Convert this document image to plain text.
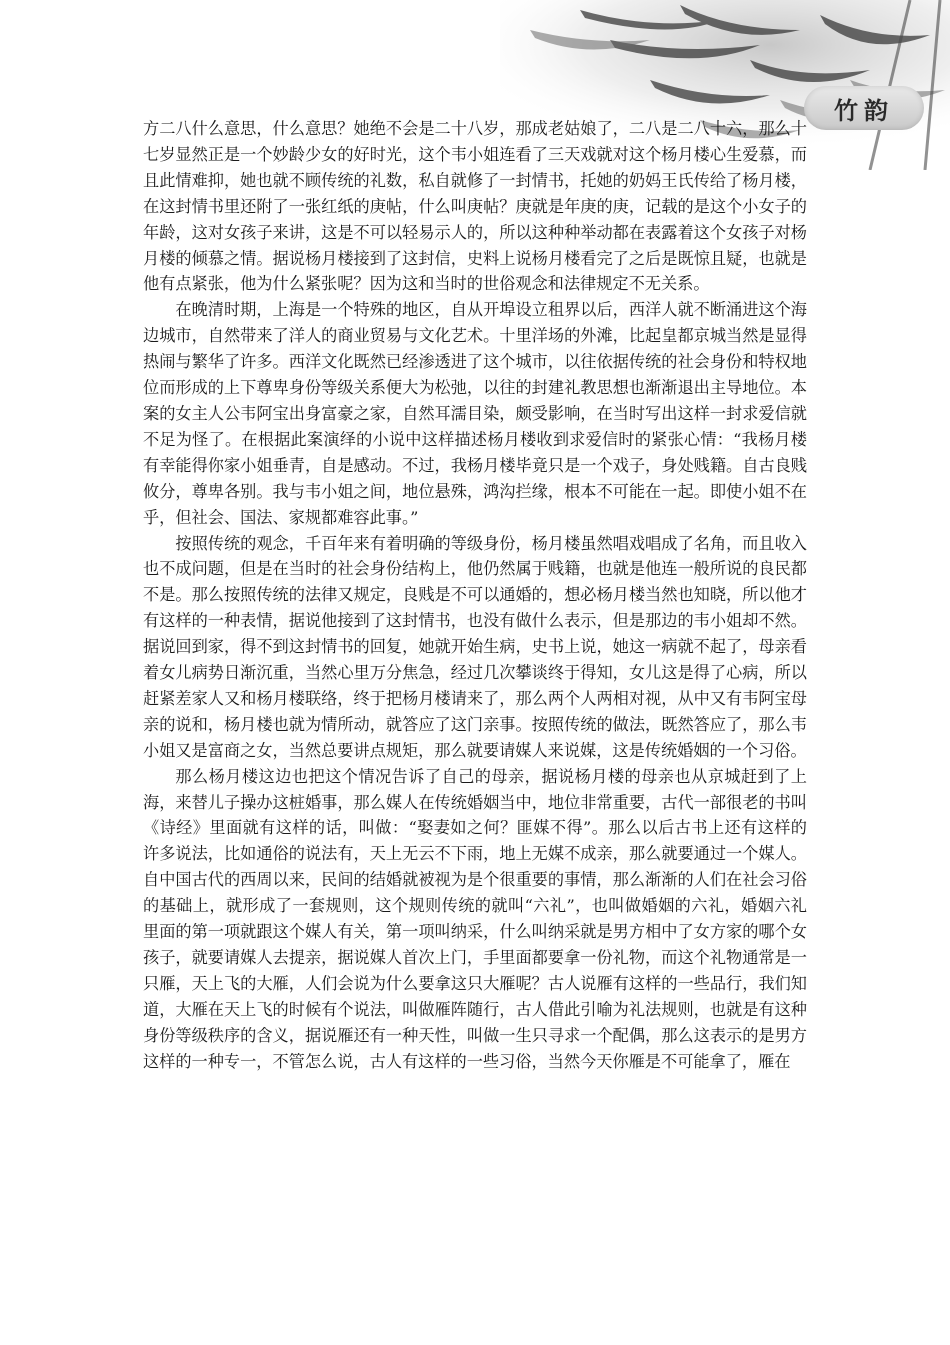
竹韵

方二八什么意思，什么意思？她绝不会是二十八岁，那成老姑娘了，二八是二八十六，那么十七岁显然正是一个妙龄少女的好时光，这个韦小姐连看了三天戏就对这个杨月楼心生爱慕，而且此情难抑，她也就不顾传统的礼数，私自就修了一封情书，托她的奶妈王氏传给了杨月楼，在这封情书里还附了一张红纸的庚帖，什么叫庚帖？庚就是年庚的庚，记载的是这个小女子的年龄，这对女孩子来讲，这是不可以轻易示人的，所以这种种举动都在表露着这个女孩子对杨月楼的倾慕之情。据说杨月楼接到了这封信，史料上说杨月楼看完了之后是既惊且疑，也就是他有点紧张，他为什么紧张呢？因为这和当时的世俗观念和法律规定不无关系。

在晚清时期，上海是一个特殊的地区，自从开埠设立租界以后，西洋人就不断涌进这个海边城市，自然带来了洋人的商业贸易与文化艺术。十里洋场的外滩，比起皇都京城当然是显得热闹与繁华了许多。西洋文化既然已经渗透进了这个城市，以往依据传统的社会身份和特权地位而形成的上下尊卑身份等级关系便大为松弛，以往的封建礼教思想也渐渐退出主导地位。本案的女主人公韦阿宝出身富豪之家，自然耳濡目染，颇受影响，在当时写出这样一封求爱信就不足为怪了。在根据此案演绎的小说中这样描述杨月楼收到求爱信时的紧张心情：“我杨月楼有幸能得你家小姐垂青，自是感动。不过，我杨月楼毕竟只是一个戏子，身处贱籍。自古良贱攸分，尊卑各别。我与韦小姐之间，地位悬殊，鸿沟拦缘，根本不可能在一起。即使小姐不在乎，但社会、国法、家规都难容此事。”

按照传统的观念，千百年来有着明确的等级身份，杨月楼虽然唱戏唱成了名角，而且收入也不成问题，但是在当时的社会身份结构上，他仍然属于贱籍，也就是他连一般所说的良民都不是。那么按照传统的法律又规定，良贱是不可以通婚的，想必杨月楼当然也知晓，所以他才有这样的一种表情，据说他接到了这封情书，也没有做什么表示，但是那边的韦小姐却不然。据说回到家，得不到这封情书的回复，她就开始生病，史书上说，她这一病就不起了，母亲看着女儿病势日渐沉重，当然心里万分焦急，经过几次攀谈终于得知，女儿这是得了心病，所以赶紧差家人又和杨月楼联络，终于把杨月楼请来了，那么两个人两相对视，从中又有韦阿宝母亲的说和，杨月楼也就为情所动，就答应了这门亲事。按照传统的做法，既然答应了，那么韦小姐又是富商之女，当然总要讲点规矩，那么就要请媒人来说媒，这是传统婚姻的一个习俗。

那么杨月楼这边也把这个情况告诉了自己的母亲，据说杨月楼的母亲也从京城赶到了上海，来替儿子操办这桩婚事，那么媒人在传统婚姻当中，地位非常重要，古代一部很老的书叫《诗经》里面就有这样的话，叫做：“娶妻如之何？匪媒不得”。那么以后古书上还有这样的许多说法，比如通俗的说法有，天上无云不下雨，地上无媒不成亲，那么就要通过一个媒人。自中国古代的西周以来，民间的结婚就被视为是个很重要的事情，那么渐渐的人们在社会习俗的基础上，就形成了一套规则，这个规则传统的就叫“六礼”，也叫做婚姻的六礼，婚姻六礼里面的第一项就跟这个媒人有关，第一项叫纳采，什么叫纳采就是男方相中了女方家的哪个女孩子，就要请媒人去提亲，据说媒人首次上门，手里面都要拿一份礼物，而这个礼物通常是一只雁，天上飞的大雁，人们会说为什么要拿这只大雁呢？古人说雁有这样的一些品行，我们知道，大雁在天上飞的时候有个说法，叫做雁阵随行，古人借此引喻为礼法规则，也就是有这种身份等级秩序的含义，据说雁还有一种天性，叫做一生只寻求一个配偶，那么这表示的是男方这样的一种专一，不管怎么说，古人有这样的一些习俗，当然今天你雁是不可能拿了，雁在
